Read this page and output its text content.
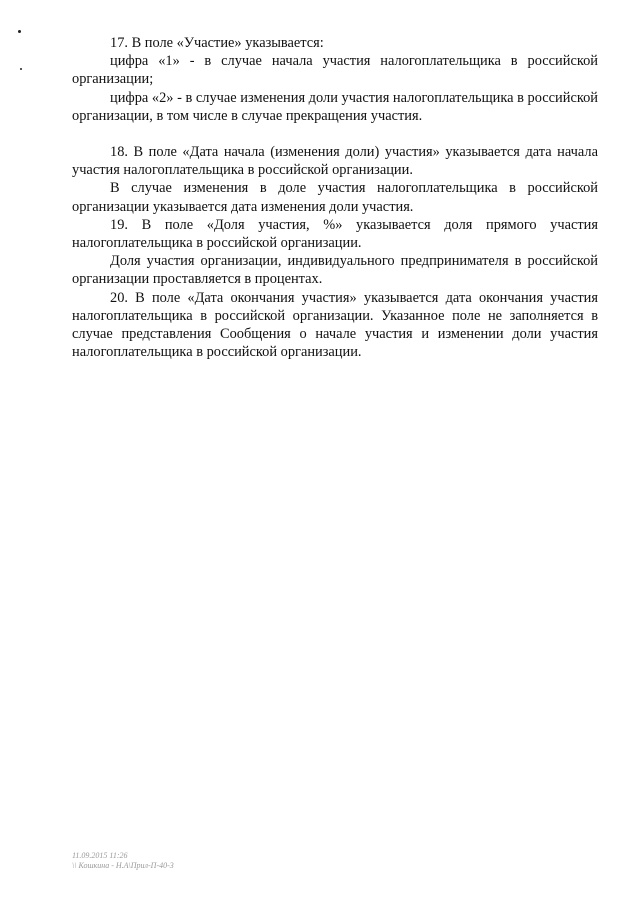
17. В поле «Участие» указывается:

цифра «1» - в случае начала участия налогоплательщика в российской организации;

цифра «2» - в случае изменения доли участия налогоплательщика в российской организации, в том числе в случае прекращения участия.

18. В поле «Дата начала (изменения доли) участия» указывается дата начала участия налогоплательщика в российской организации.

В случае изменения в доле участия налогоплательщика в российской организации указывается дата изменения доли участия.

19. В поле «Доля участия, %» указывается доля прямого участия налогоплательщика в российской организации.

Доля участия организации, индивидуального предпринимателя в российской организации проставляется в процентах.

20. В поле «Дата окончания участия» указывается дата окончания участия налогоплательщика в российской организации. Указанное поле не заполняется в случае представления Сообщения о начале участия и изменении доли участия налогоплательщика в российской организации.

11.09.2015 11:26
\\ Кошкина - Н.А\Прил-П-40-3
